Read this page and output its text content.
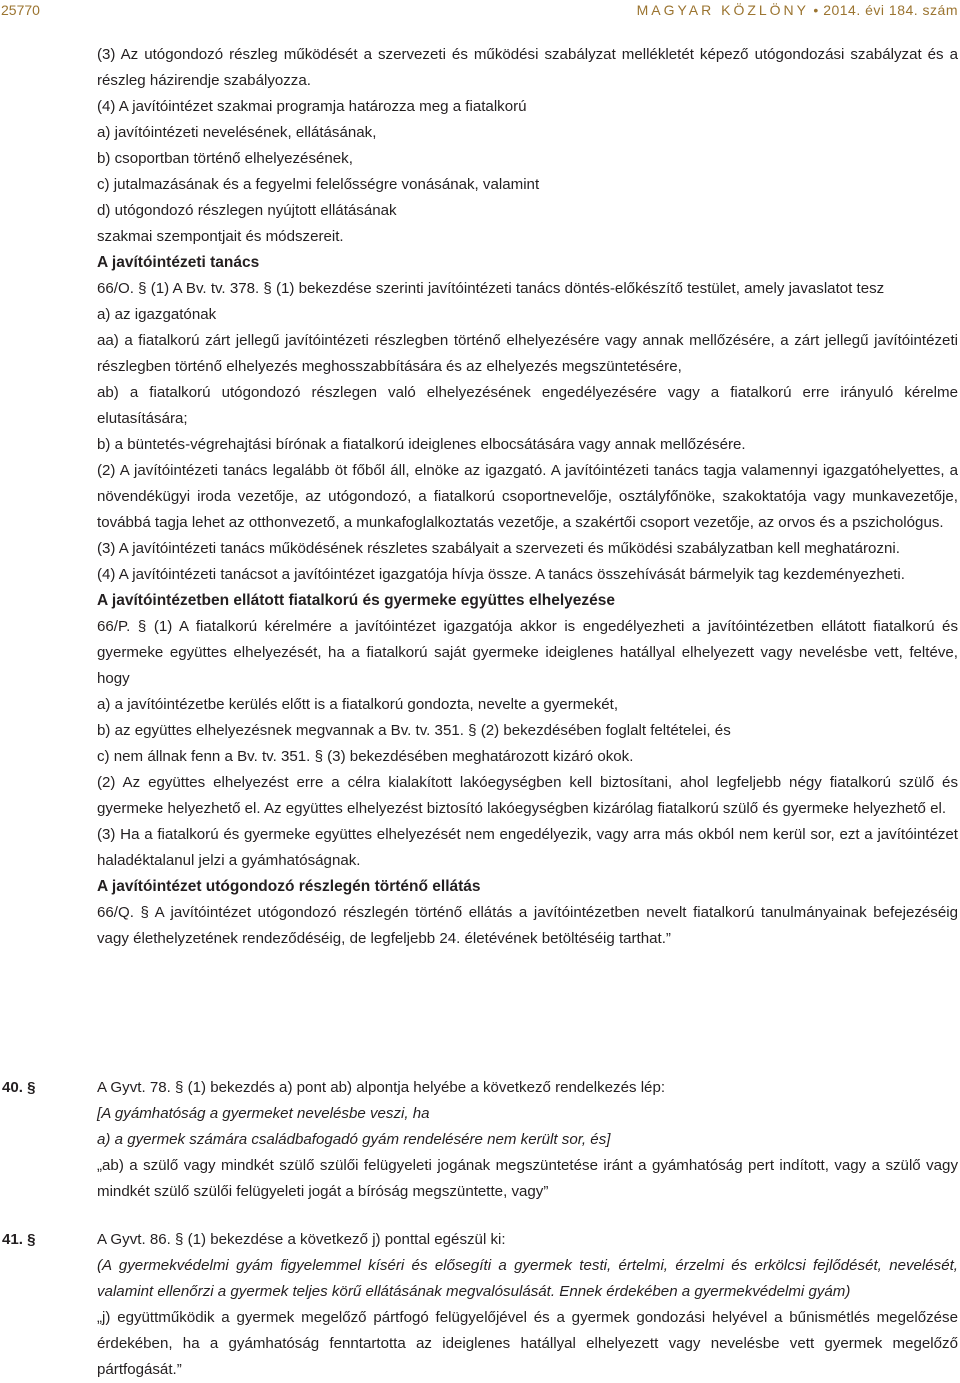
25770	MAGYAR KÖZLÖNY • 2014. évi 184. szám

(3) Az utógondozó részleg működését a szervezeti és működési szabályzat mellékletét képező utógondozási szabályzat és a részleg házirendje szabályozza.

(4) A javítóintézet szakmai programja határozza meg a fiatalkorú

a) javítóintézeti nevelésének, ellátásának,

b) csoportban történő elhelyezésének,

c) jutalmazásának és a fegyelmi felelősségre vonásának, valamint

d) utógondozó részlegen nyújtott ellátásának

szakmai szempontjait és módszereit.

A javítóintézeti tanács

66/O. § (1) A Bv. tv. 378. § (1) bekezdése szerinti javítóintézeti tanács döntés-előkészítő testület, amely javaslatot tesz

a) az igazgatónak

aa) a fiatalkorú zárt jellegű javítóintézeti részlegben történő elhelyezésére vagy annak mellőzésére, a zárt jellegű javítóintézeti részlegben történő elhelyezés meghosszabbítására és az elhelyezés megszüntetésére,

ab) a fiatalkorú utógondozó részlegen való elhelyezésének engedélyezésére vagy a fiatalkorú erre irányuló kérelme elutasítására;

b) a büntetés-végrehajtási bírónak a fiatalkorú ideiglenes elbocsátására vagy annak mellőzésére.

(2) A javítóintézeti tanács legalább öt főből áll, elnöke az igazgató. A javítóintézeti tanács tagja valamennyi igazgatóhelyettes, a növendékügyi iroda vezetője, az utógondozó, a fiatalkorú csoportnevelője, osztályfőnöke, szakoktatója vagy munkavezetője, továbbá tagja lehet az otthonvezető, a munkafoglalkoztatás vezetője, a szakértői csoport vezetője, az orvos és a pszichológus.

(3) A javítóintézeti tanács működésének részletes szabályait a szervezeti és működési szabályzatban kell meghatározni.

(4) A javítóintézeti tanácsot a javítóintézet igazgatója hívja össze. A tanács összehívását bármelyik tag kezdeményezheti.

A javítóintézetben ellátott fiatalkorú és gyermeke együttes elhelyezése

66/P. § (1) A fiatalkorú kérelmére a javítóintézet igazgatója akkor is engedélyezheti a javítóintézetben ellátott fiatalkorú és gyermeke együttes elhelyezését, ha a fiatalkorú saját gyermeke ideiglenes hatállyal elhelyezett vagy nevelésbe vett, feltéve, hogy

a) a javítóintézetbe kerülés előtt is a fiatalkorú gondozta, nevelte a gyermekét,

b) az együttes elhelyezésnek megvannak a Bv. tv. 351. § (2) bekezdésében foglalt feltételei, és

c) nem állnak fenn a Bv. tv. 351. § (3) bekezdésében meghatározott kizáró okok.

(2) Az együttes elhelyezést erre a célra kialakított lakóegységben kell biztosítani, ahol legfeljebb négy fiatalkorú szülő és gyermeke helyezhető el. Az együttes elhelyezést biztosító lakóegységben kizárólag fiatalkorú szülő és gyermeke helyezhető el.

(3) Ha a fiatalkorú és gyermeke együttes elhelyezését nem engedélyezik, vagy arra más okból nem kerül sor, ezt a javítóintézet haladéktalanul jelzi a gyámhatóságnak.

A javítóintézet utógondozó részlegén történő ellátás

66/Q. § A javítóintézet utógondozó részlegén történő ellátás a javítóintézetben nevelt fiatalkorú tanulmányainak befejezéséig vagy élethelyzetének rendeződéséig, de legfeljebb 24. életévének betöltéséig tarthat.”

40. §	A Gyvt. 78. § (1) bekezdés a) pont ab) alpontja helyébe a következő rendelkezés lép:

[A gyámhatóság a gyermeket nevelésbe veszi, ha

a) a gyermek számára családbafogadó gyám rendelésére nem került sor, és]

„ab) a szülő vagy mindkét szülő szülői felügyeleti jogának megszüntetése iránt a gyámhatóság pert indított, vagy a szülő vagy mindkét szülő szülői felügyeleti jogát a bíróság megszüntette, vagy”

41. §	A Gyvt. 86. § (1) bekezdése a következő j) ponttal egészül ki:

(A gyermekvédelmi gyám figyelemmel kíséri és elősegíti a gyermek testi, értelmi, érzelmi és erkölcsi fejlődését, nevelését, valamint ellenőrzi a gyermek teljes körű ellátásának megvalósulását. Ennek érdekében a gyermekvédelmi gyám)

„j) együttműködik a gyermek megelőző pártfogó felügyelőjével és a gyermek gondozási helyével a bűnismétlés megelőzése érdekében, ha a gyámhatóság fenntartotta az ideiglenes hatállyal elhelyezett vagy nevelésbe vett gyermek megelőző pártfogását.”
